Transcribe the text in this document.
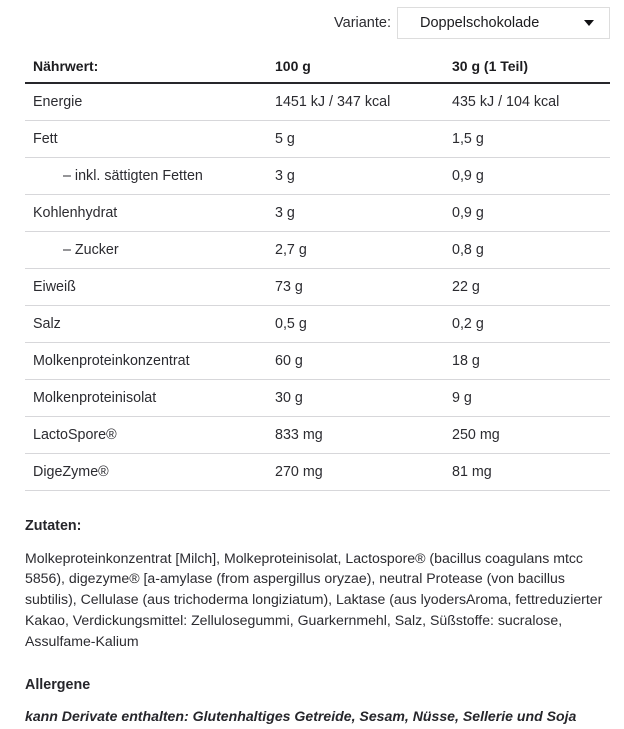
Variante: Doppelschokolade
Nährwert:	100 g	30 g (1 Teil)
Energie	1451 kJ / 347 kcal	435 kJ / 104 kcal
Fett	5 g	1,5 g
– inkl. sättigten Fetten	3 g	0,9 g
Kohlenhydrat	3 g	0,9 g
– Zucker	2,7 g	0,8 g
Eiweiß	73 g	22 g
Salz	0,5 g	0,2 g
Molkenproteinkonzentrat	60 g	18 g
Molkenproteinisolat	30 g	9 g
LactoSpore®	833 mg	250 mg
DigeZyme®	270 mg	81 mg

Zutaten:

Molkeproteinkonzentrat [Milch], Molkeproteinisolat, Lactospore® (bacillus coagulans mtcc 5856), digezyme® [a-amylase (from aspergillus oryzae), neutral Protease (von bacillus subtilis), Cellulase (aus trichoderma longiziatum), Laktase (aus lyodersAroma, fettreduzierter Kakao, Verdickungsmittel: Zellulosegummi, Guarkernmehl, Salz, Süßstoffe: sucralose, Assulfame-Kalium

Allergene

kann Derivate enthalten: Glutenhaltiges Getreide, Sesam, Nüsse, Sellerie und Soja
